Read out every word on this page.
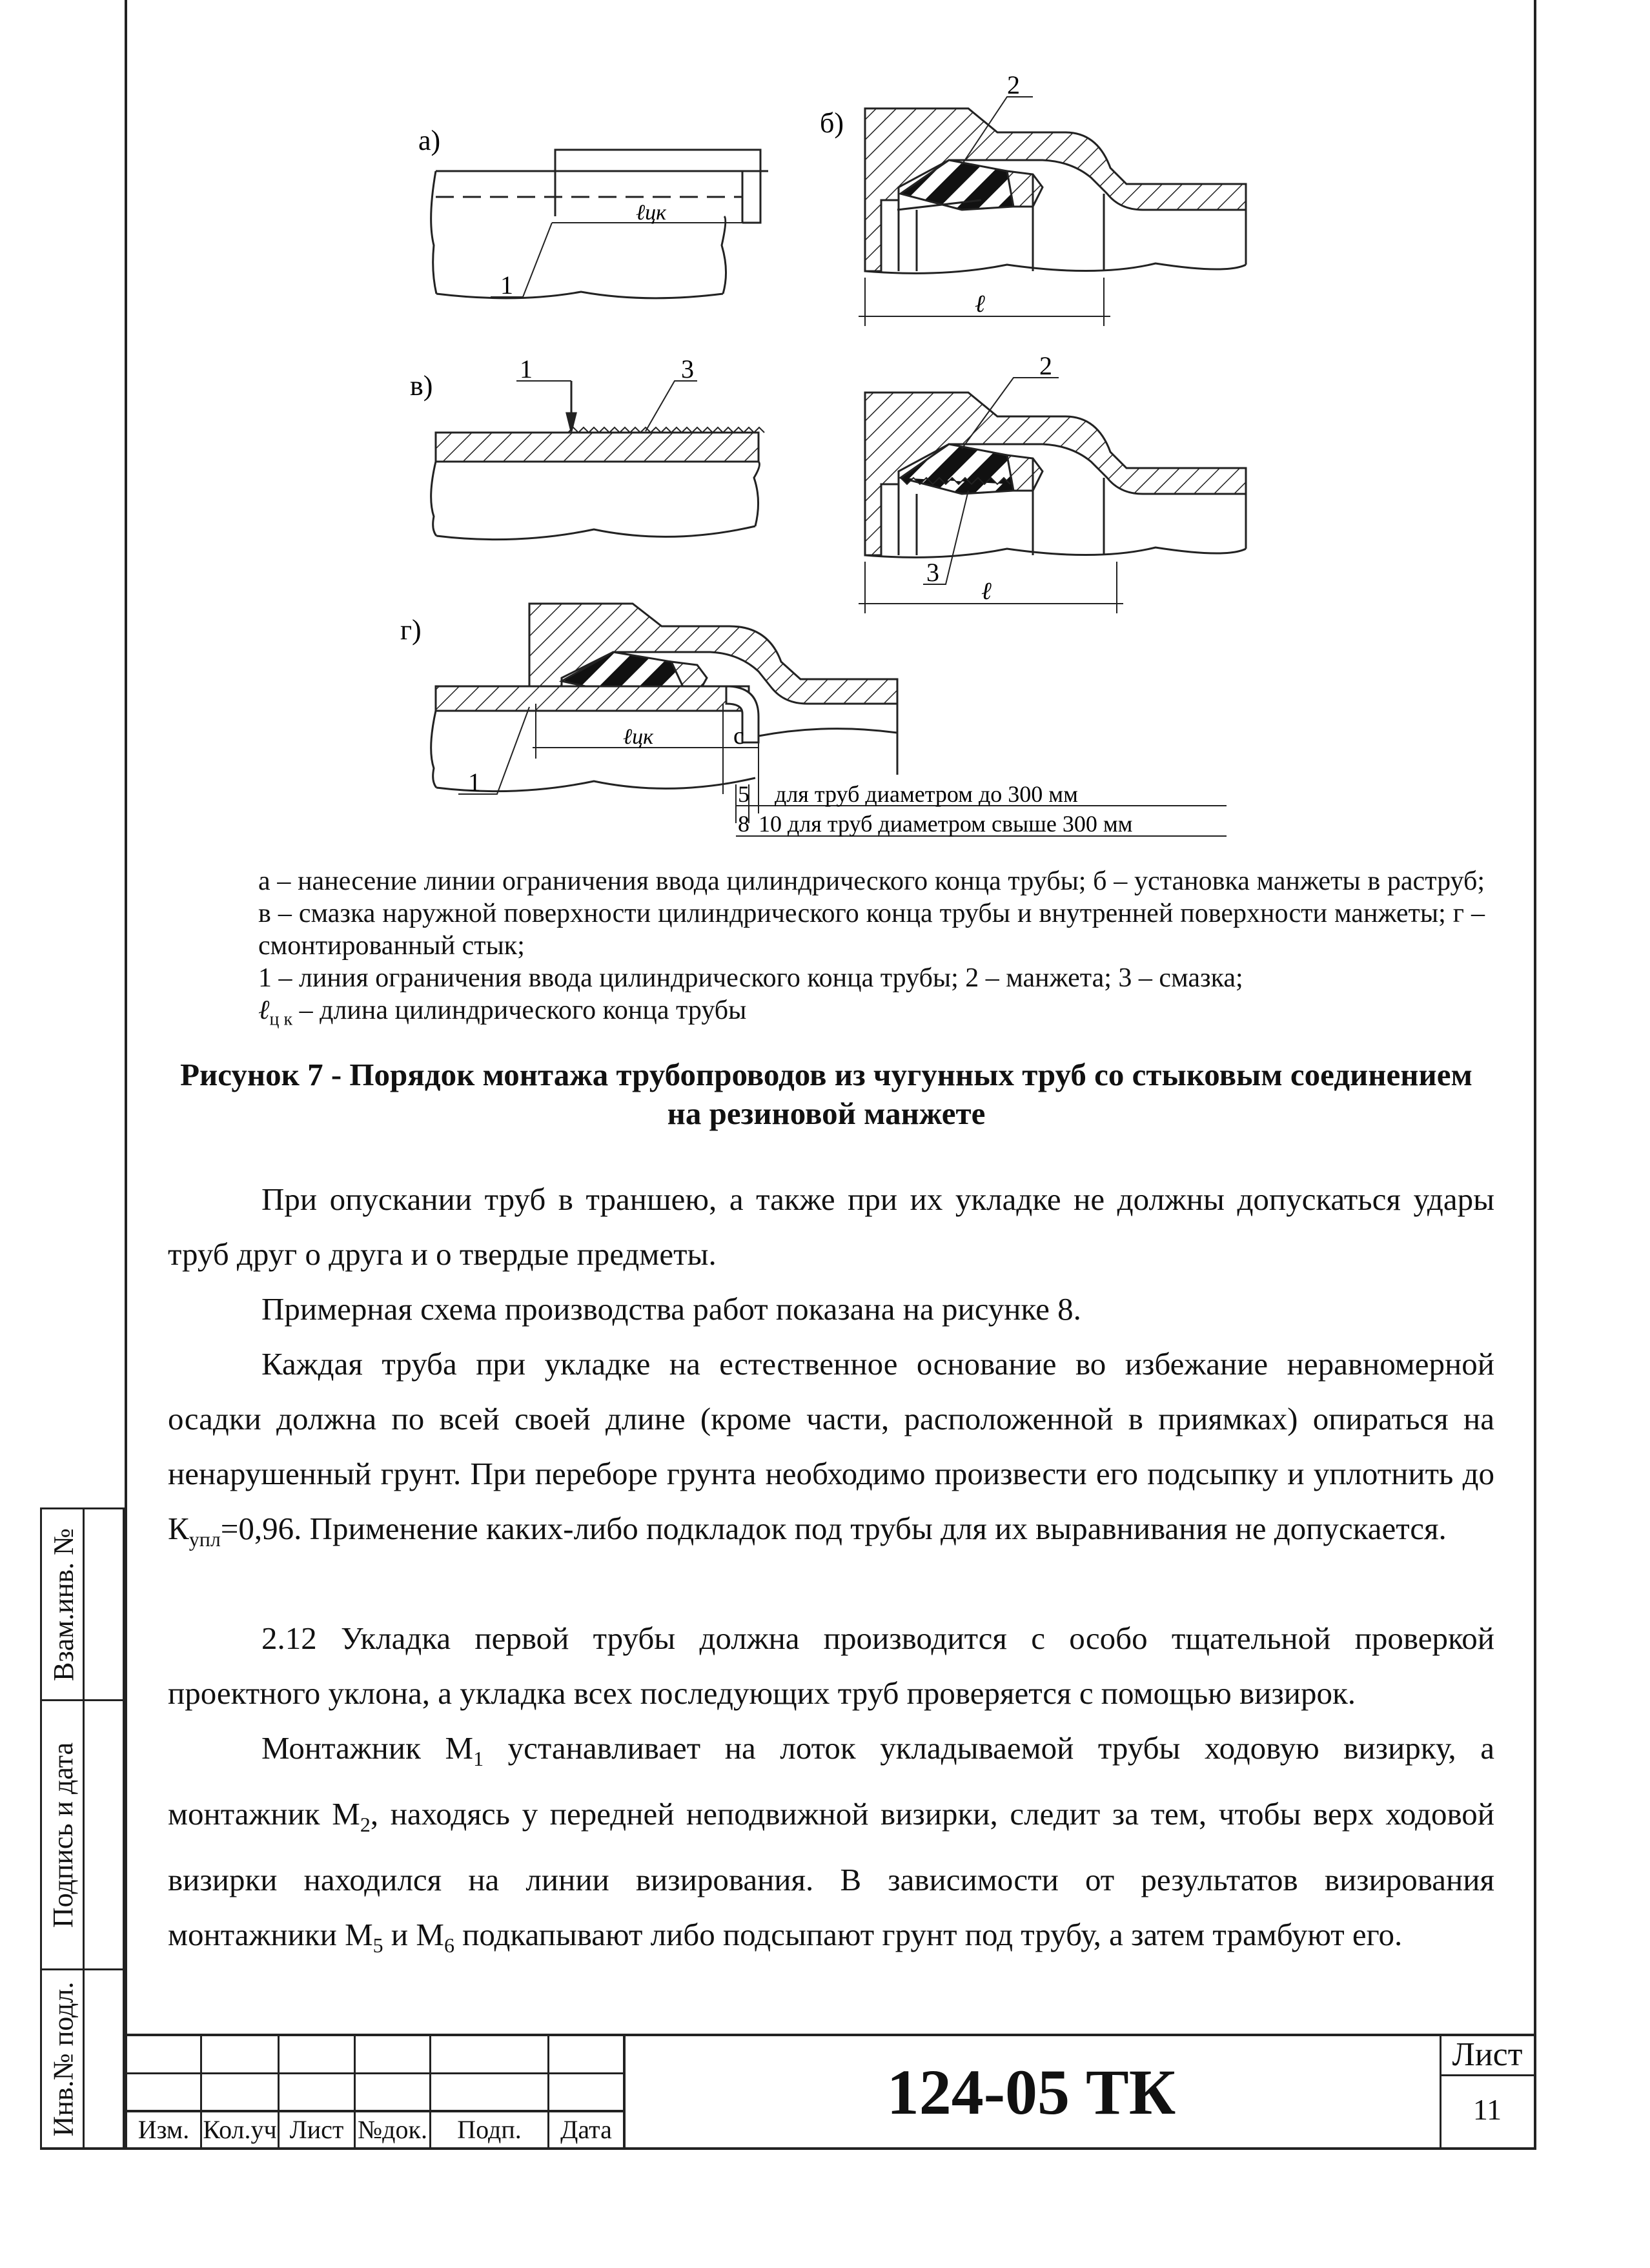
Взам.инв. №
Подпись и дата
Инв.№ подл.
а)
б)
в)
г)
1
2
1	3	2
3
1
ℓцк
ℓ
ℓ
ℓцк	с
5
8
для труб диаметром до 300 мм
10 для труб диаметром свыше 300 мм
а – нанесение линии ограничения ввода цилиндрического конца трубы; б – установка манжеты в раструб; в – смазка наружной поверхности цилиндрического конца трубы и внутренней поверхности манжеты; г – смонтированный стык;
1 – линия ограничения ввода цилиндрического конца трубы; 2 – манжета; 3 – смазка;
ℓ$_{ц к}$ – длина цилиндрического конца трубы
Рисунок 7 - Порядок монтажа трубопроводов из чугунных труб со стыковым соединением на резиновой манжете
При опускании труб в траншею, а также при их укладке не должны допускаться удары труб друг о друга и о твердые предметы.
Примерная схема производства работ показана на рисунке 8.
Каждая труба при укладке на естественное основание во избежание неравномерной осадки должна по всей своей длине (кроме части, расположенной в приямках) опираться на ненарушенный грунт. При переборе грунта необходимо произвести его подсыпку и уплотнить до $К_{упл}=0,96$. Применение каких-либо подкладок под трубы для их выравнивания не допускается.
2.12 Укладка первой трубы должна производится с особо тщательной проверкой проектного уклона, а укладка всех последующих труб проверяется с помощью визирок.
Монтажник $М_1$ устанавливает на лоток укладываемой трубы ходовую визирку, а монтажник $М_2$, находясь у передней неподвижной визирки, следит за тем, чтобы верх ходовой визирки находился на линии визирования. В зависимости от результатов визирования монтажники $М_5$ и $М_6$ подкапывают либо подсыпают грунт под трубу, а затем трамбуют его.
Изм. Кол.уч Лист №док.	Подп.	Дата
124-05 ТК
Лист
11
